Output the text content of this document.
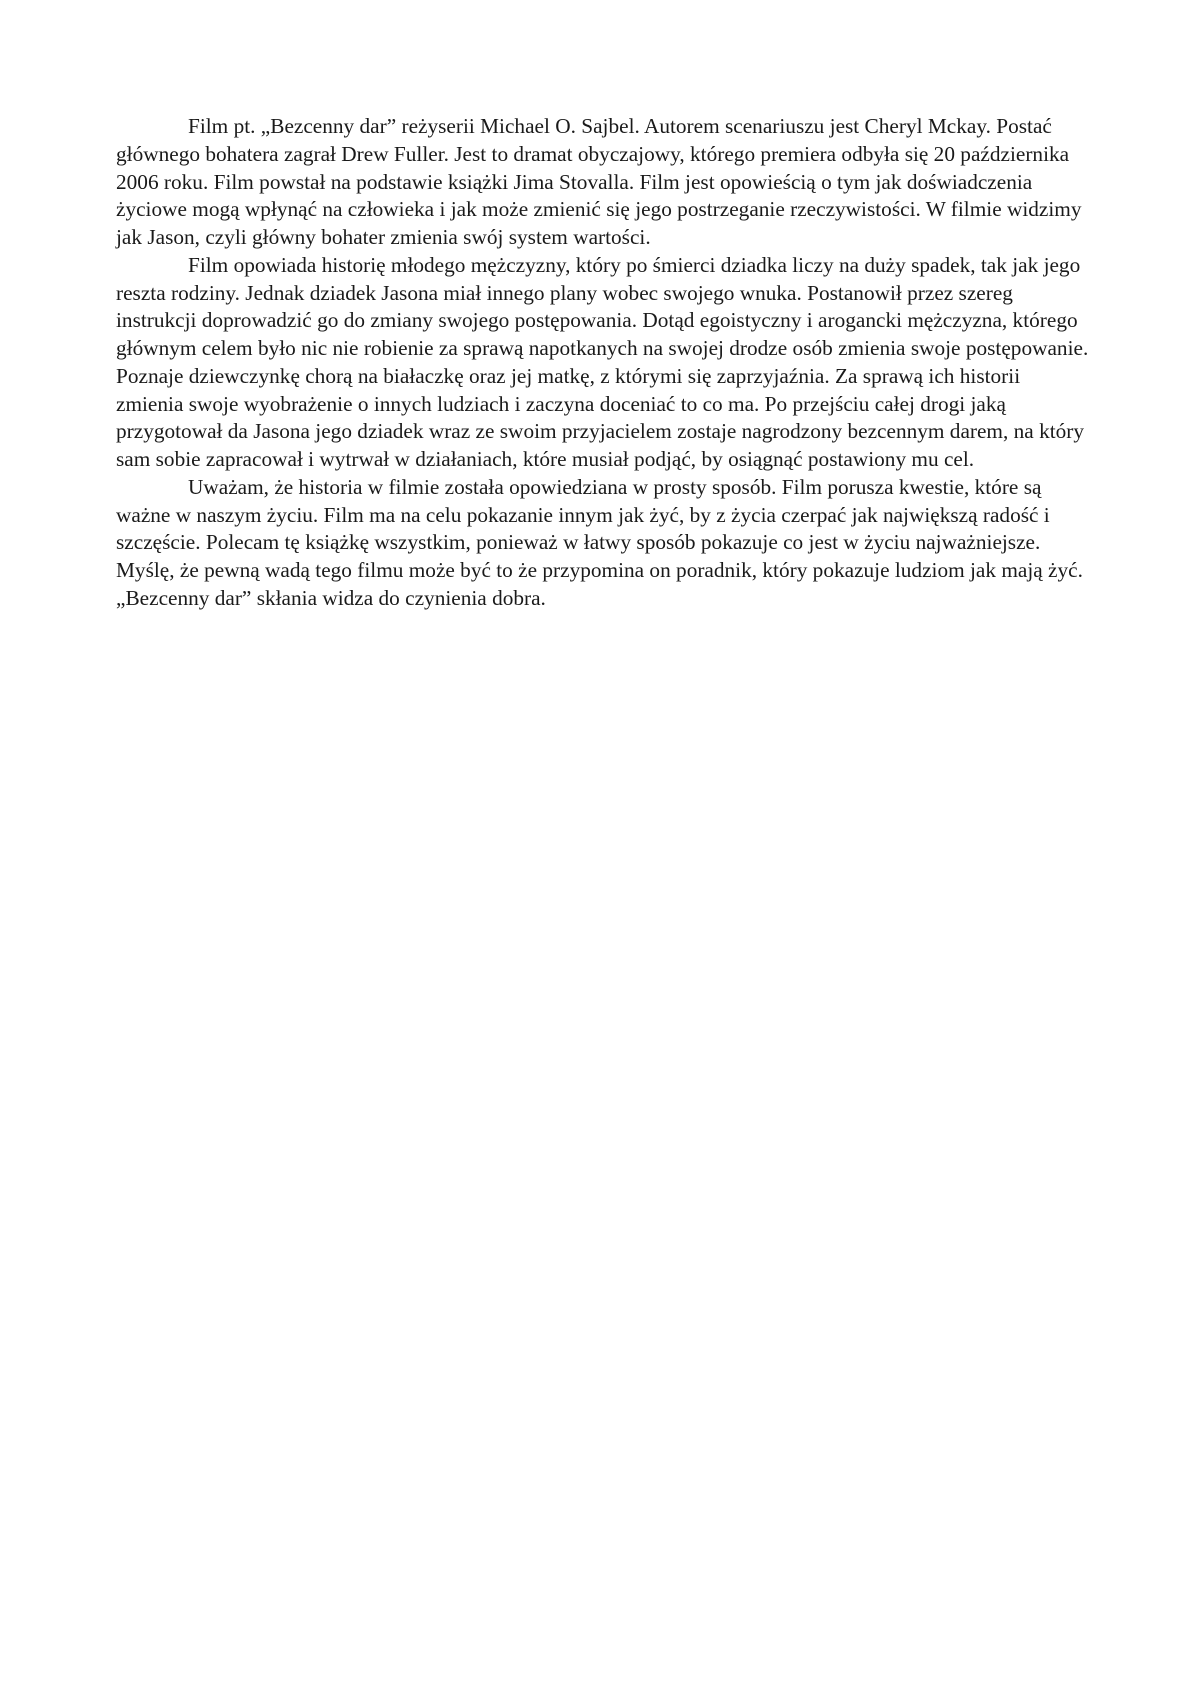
Film pt. „Bezcenny dar” reżyserii Michael O. Sajbel. Autorem scenariuszu jest Cheryl Mckay. Postać głównego bohatera zagrał Drew Fuller. Jest to dramat obyczajowy, którego premiera odbyła się 20 października 2006 roku. Film powstał na podstawie książki Jima Stovalla. Film jest opowieścią o tym jak doświadczenia życiowe mogą wpłynąć na człowieka i jak może zmienić się jego postrzeganie rzeczywistości. W filmie widzimy jak Jason, czyli główny bohater zmienia swój system wartości.

Film opowiada historię młodego mężczyzny, który po śmierci dziadka liczy na duży spadek, tak jak jego reszta rodziny. Jednak dziadek Jasona miał innego plany wobec swojego wnuka. Postanowił przez szereg instrukcji doprowadzić go do zmiany swojego postępowania. Dotąd egoistyczny i arogancki mężczyzna, którego głównym celem było nic nie robienie za sprawą napotkanych na swojej drodze osób zmienia swoje postępowanie. Poznaje dziewczynkę chorą na białaczkę oraz jej matkę, z którymi się zaprzyjaźnia. Za sprawą ich historii zmienia swoje wyobrażenie o innych ludziach i zaczyna doceniać to co ma. Po przejściu całej drogi jaką przygotował da Jasona jego dziadek wraz ze swoim przyjacielem zostaje nagrodzony bezcennym darem, na który sam sobie zapracował i wytrwał w działaniach, które musiał podjąć, by osiągnąć postawiony mu cel.

Uważam, że historia w filmie została opowiedziana w prosty sposób. Film porusza kwestie, które są ważne w naszym życiu. Film ma na celu pokazanie innym jak żyć, by z życia czerpać jak największą radość i szczęście. Polecam tę książkę wszystkim, ponieważ w łatwy sposób pokazuje co jest w życiu najważniejsze. Myślę, że pewną wadą tego filmu może być to że przypomina on poradnik, który pokazuje ludziom jak mają żyć. „Bezcenny dar” skłania widza do czynienia dobra.
